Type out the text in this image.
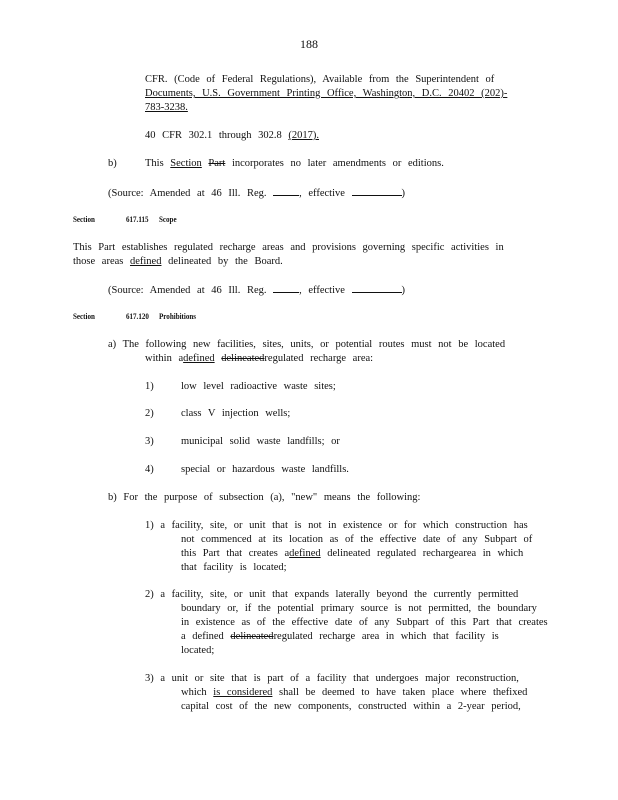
188
CFR. (Code of Federal Regulations), Available from the Superintendent of
Documents, U.S. Government Printing Office, Washington, D.C. 20402 (202)-
783-3238.
40 CFR 302.1 through 302.8 (2017).
b)	This Section Part incorporates no later amendments or editions.
(Source: Amended at 46 Ill. Reg. , effective	)
Section	617.115 Scope
This Part establishes regulated recharge areas and provisions governing specific activities in
those areas defined delineated by the Board.
(Source: Amended at 46 Ill. Reg. , effective	)
Section	617.120 Prohibitions
a) The following new facilities, sites, units, or potential routes must not be located
within adefined delineatedregulated recharge area:
1)	low level radioactive waste sites;
2)	class V injection wells;
3)	municipal solid waste landfills; or
4)	special or hazardous waste landfills.
b) For the purpose of subsection (a), "new" means the following:
1) a facility, site, or unit that is not in existence or for which construction has
not commenced at its location as of the effective date of any Subpart of
this Part that creates adefined delineated regulated rechargearea in which
that facility is located;
2) a facility, site, or unit that expands laterally beyond the currently permitted
boundary or, if the potential primary source is not permitted, the boundary
in existence as of the effective date of any Subpart of this Part that creates
a defined delineatedregulated recharge area in which that facility is
located;
3) a unit or site that is part of a facility that undergoes major reconstruction,
which is considered shall be deemed to have taken place where thefixed
capital cost of the new components, constructed within a 2-year period,
